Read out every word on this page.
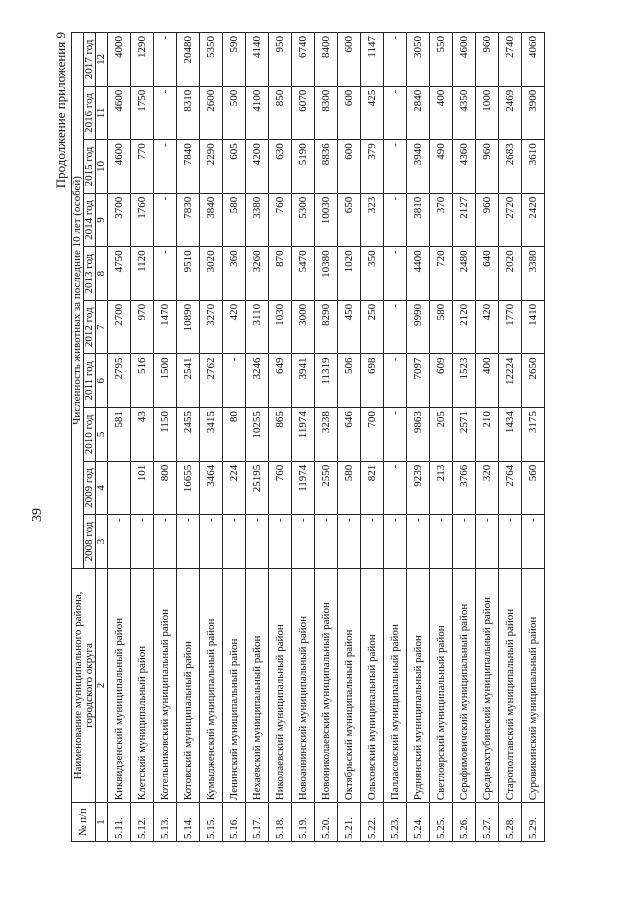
39
Продолжение приложения 9
№ п/п	Наименование муниципального района, городского округа	Численность животных за последние 10 лет (особей)									
		2008 год	2009 год	2010 год	2011 год	2012 год	2013 год	2014 год	2015 год	2016 год	2017 год
1	2	3	4	5	6	7	8	9	10	11	12
5.11.	Киквидзенский муниципальный район	-		581	2795	2700	4750	3700	4600	4600	4000
5.12.	Клетский муниципальный район	-	101	43	516	970	1120	1760	770	1750	1290
5.13.	Котельниковский муниципальный район	-	800	1150	1500	1470	-	-	-	-	-
5.14.	Котовский муниципальный район	-	16655	2455	2541	10890	9510	7830	7840	8310	20480
5.15.	Кумылженский муниципальный район	-	3464	3415	2762	3270	3020	3840	2290	2600	5350
5.16.	Ленинский муниципальный район	-	224	80	-	420	360	580	605	500	590
5.17.	Нехаевский муниципальный район	-	25195	10255	3246	3110	3260	3380	4200	4100	4140
5.18.	Николаевский муниципальный район	-	760	865	649	1030	870	760	630	850	950
5.19.	Новоаннинский муниципальный район	-	11974	11974	3941	3000	5470	5300	5190	6070	6740
5.20.	Новониколаевский муниципальный район	-	2550	3238	11319	8290	10380	10030	8836	8300	8400
5.21.	Октябрьский муниципальный район	-	580	646	506	450	1020	650	600	600	600
5.22.	Ольховский муниципальный район	-	821	700	698	250	350	323	379	425	1147
5.23.	Палласовский муниципальный район	-	-	-	-	-	-	-	-	-	-
5.24.	Руднянский муниципальный район	-	9239	9863	7097	9990	4400	3810	3940	2840	3050
5.25.	Светлоярский муниципальный район	-	213	205	609	580	720	370	490	400	550
5.26.	Серафимовичский муниципальный район	-	3766	2571	1523	2120	2480	2127	4360	4350	4600
5.27.	Среднеахтубинский муниципальный район	-	320	210	400	420	640	960	960	1000	960
5.28.	Старополтавский муниципальный район	-	2764	1434	12224	1770	2020	2720	2683	2469	2740
5.29.	Суровикинский муниципальный район	-	560	3175	2650	1410	3380	2420	3610	3900	4060
